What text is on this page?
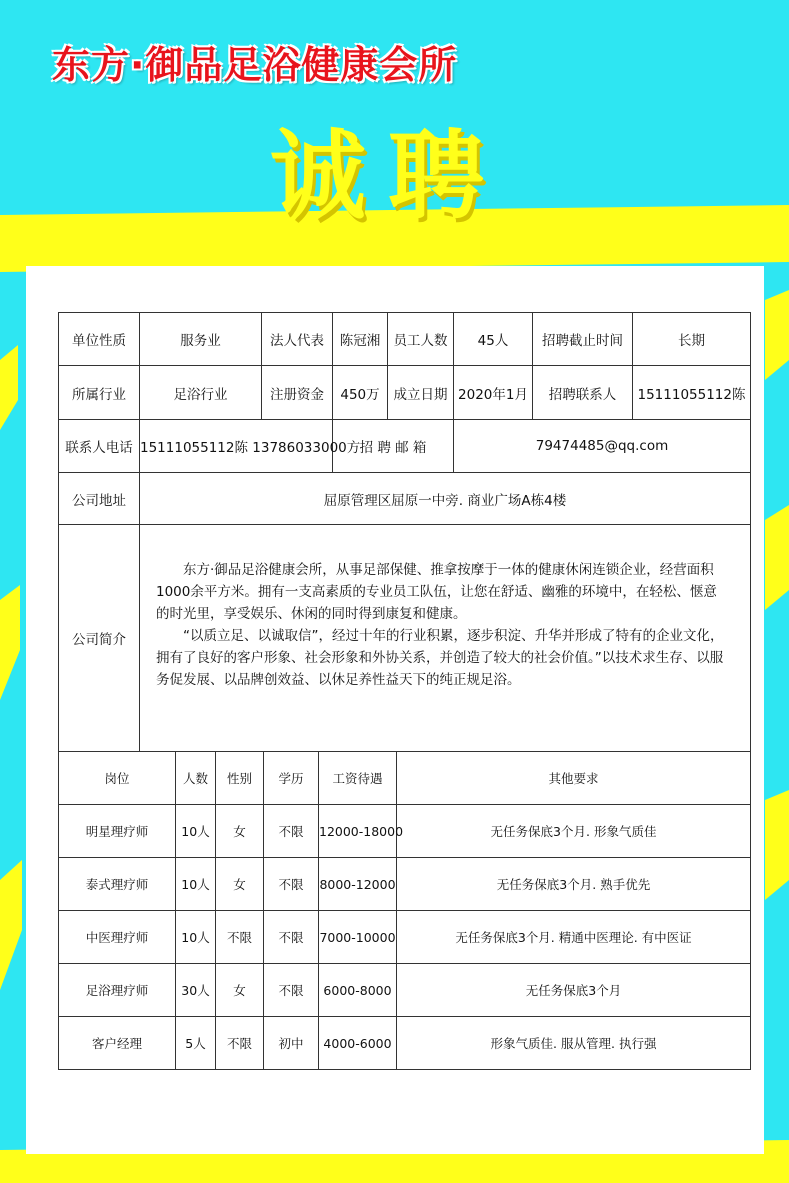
东方·御品足浴健康会所
诚聘
单位性质	服务业	法人代表	陈冠湘	员工人数	45人	招聘截止时间	长期
所属行业	足浴行业	注册资金	450万	成立日期	2020年1月	招聘联系人	15111055112陈
联系人电话	15111055112陈 13786033000方		招 聘 邮 箱		79474485@qq.com		
公司地址	屈原管理区屈原一中旁. 商业广场A栋4楼						
公司简介	东方·御品足浴健康会所，从事足部保健、推拿按摩于一体的健康休闲连锁企业，经营面积1000余平方米。拥有一支高素质的专业员工队伍，让您在舒适、幽雅的环境中，在轻松、惬意的时光里，享受娱乐、休闲的同时得到康复和健康。

“以质立足、以诚取信”，经过十年的行业积累，逐步积淀、升华并形成了特有的企业文化，拥有了良好的客户形象、社会形象和外协关系，并创造了较大的社会价值。”以技术求生存、以服务促发展、以品牌创效益、以休足养性益天下的纯正规足浴。						

岗位	人数	性别	学历	工资待遇	其他要求
明星理疗师	10人	女	不限	12000-18000	无任务保底3个月. 形象气质佳
泰式理疗师	10人	女	不限	8000-12000	无任务保底3个月. 熟手优先
中医理疗师	10人	不限	不限	7000-10000	无任务保底3个月. 精通中医理论. 有中医证
足浴理疗师	30人	女	不限	6000-8000	无任务保底3个月
客户经理	5人	不限	初中	4000-6000	形象气质佳. 服从管理. 执行强
